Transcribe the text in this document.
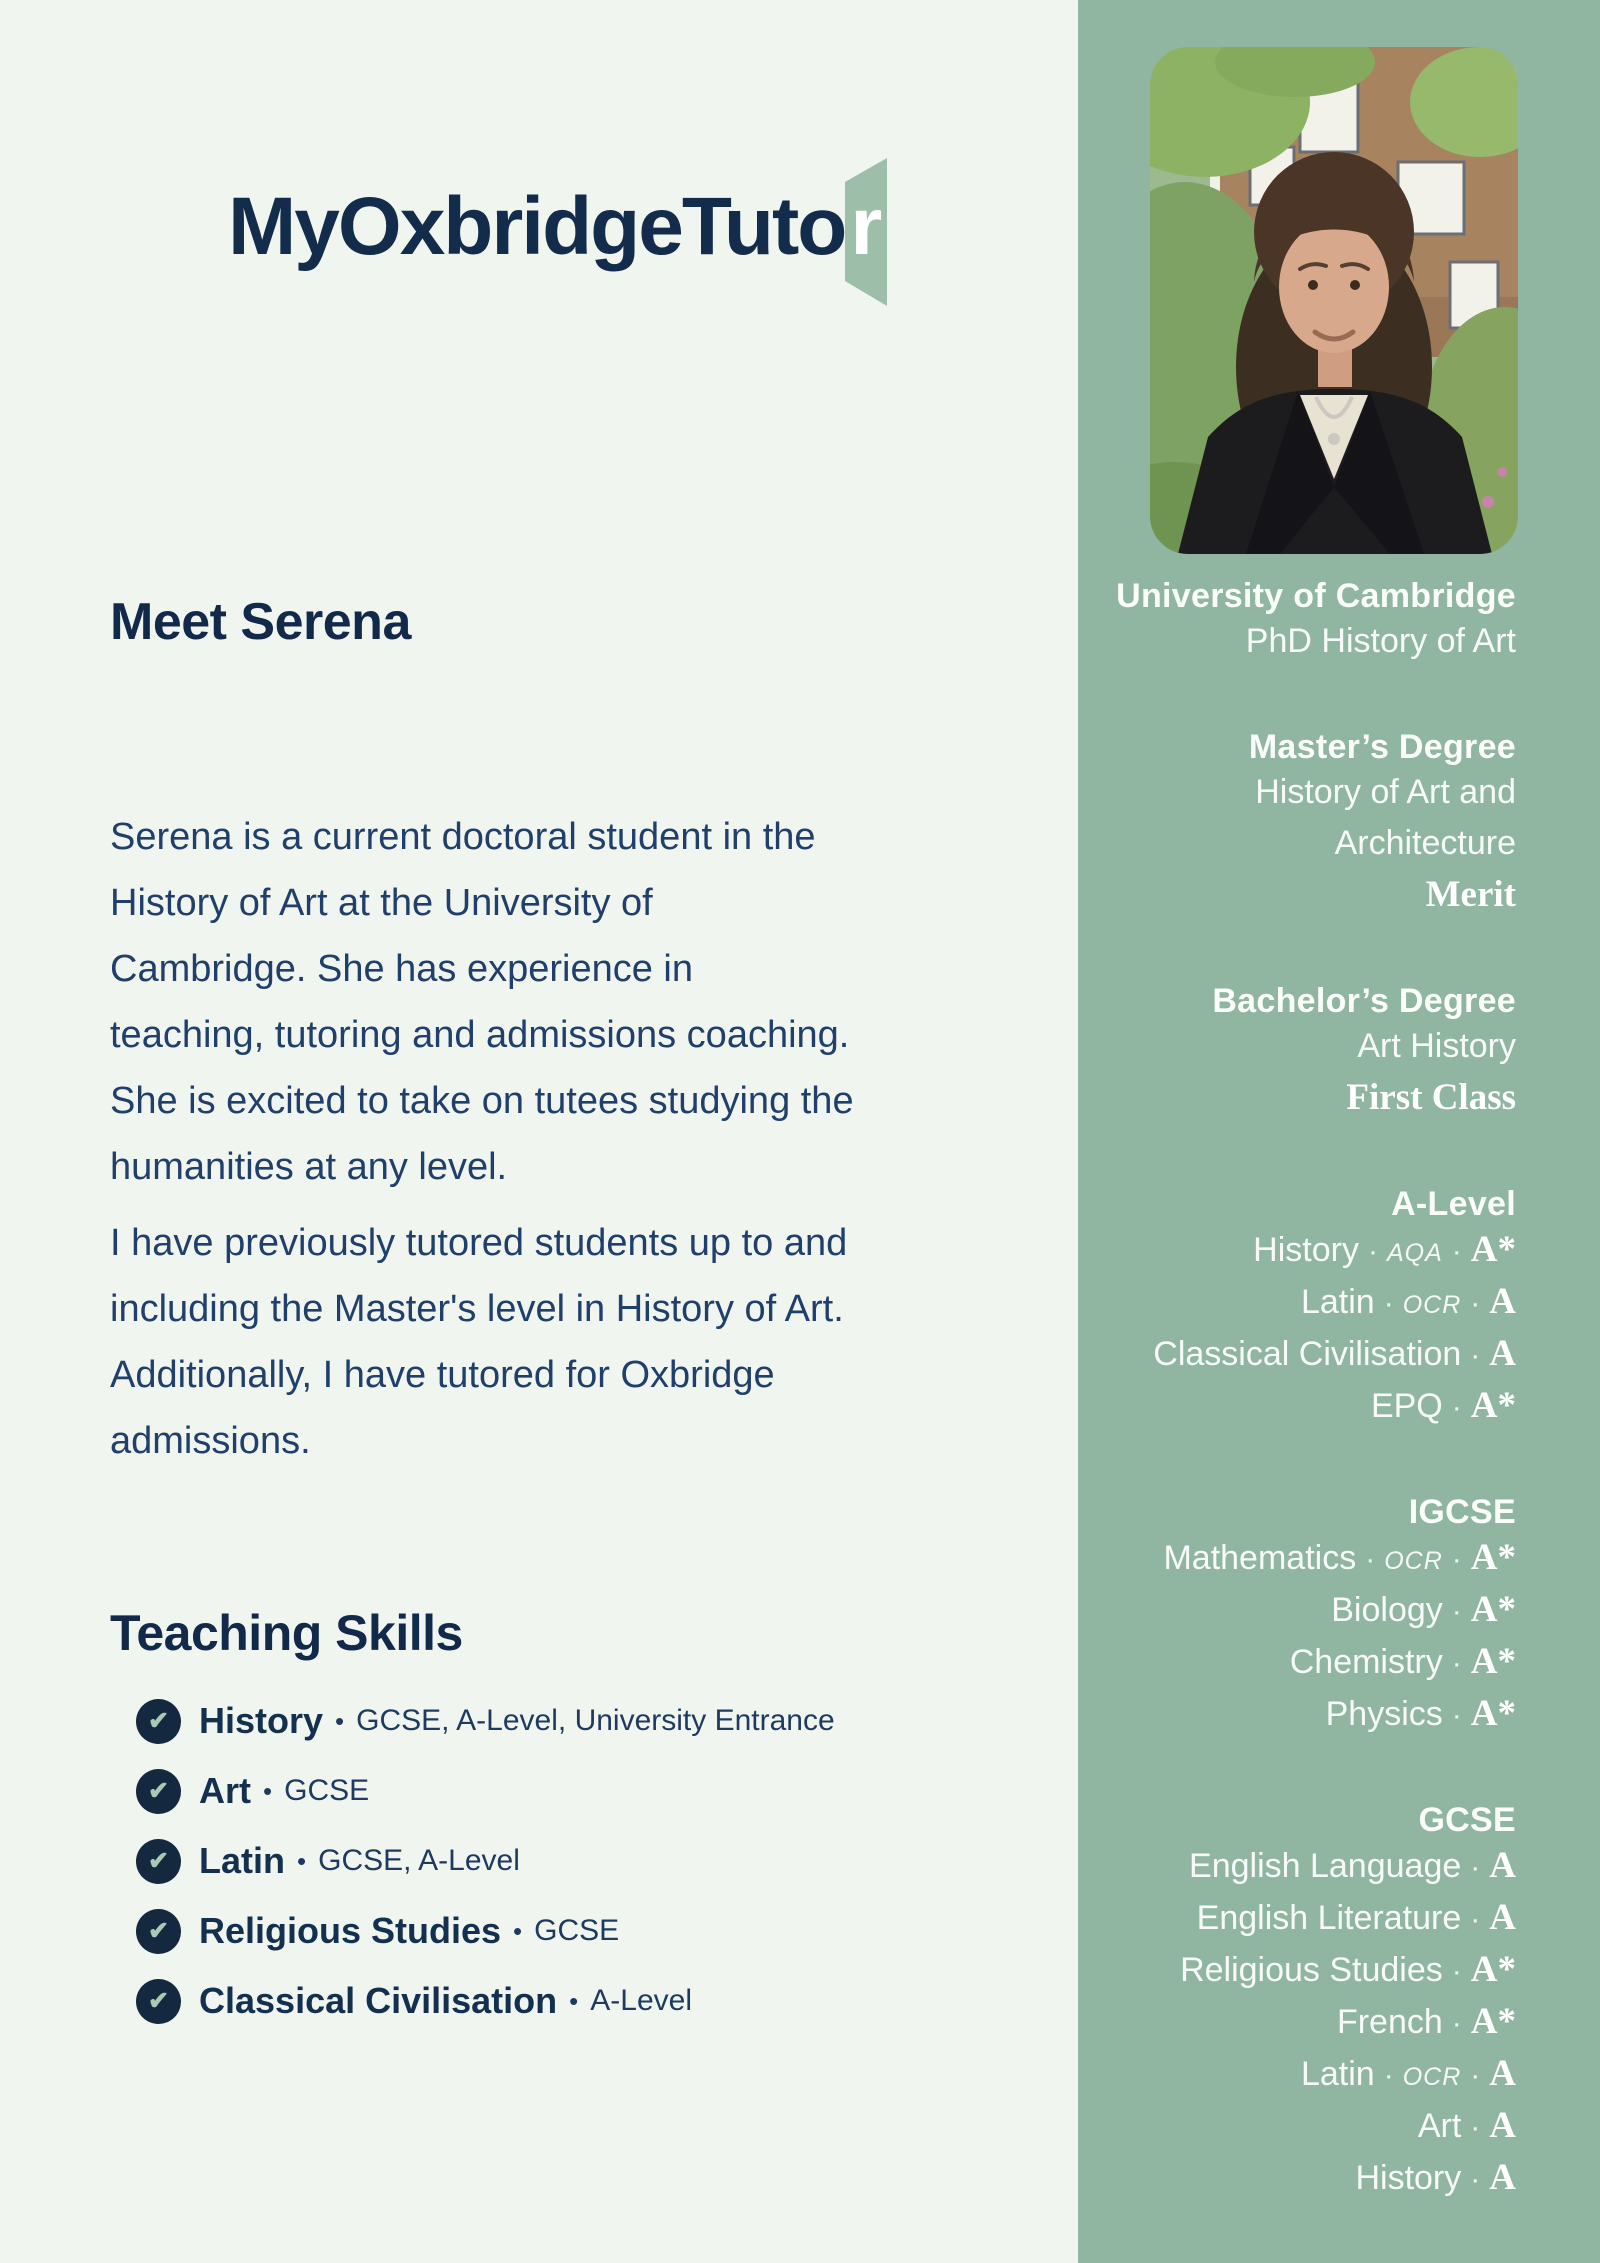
MyOxbridgeTuto r
Meet Serena

Serena is a current doctoral student in the History of Art at the University of Cambridge. She has experience in teaching, tutoring and admissions coaching. She is excited to take on tutees studying the humanities at any level.

I have previously tutored students up to and including the Master's level in History of Art. Additionally, I have tutored for Oxbridge admissions.

Teaching Skills
✔ History • GCSE, A-Level, University Entrance
✔ Art • GCSE
✔ Latin • GCSE, A-Level
✔ Religious Studies • GCSE
✔ Classical Civilisation • A-Level
University of Cambridge
PhD History of Art
Master’s Degree
History of Art and
Architecture
Merit
Bachelor’s Degree
Art History
First Class
A-Level
History · AQA · A*
Latin · OCR · A
Classical Civilisation · A
EPQ · A*
IGCSE
Mathematics · OCR · A*
Biology · A*
Chemistry · A*
Physics · A*
GCSE
English Language · A
English Literature · A
Religious Studies · A*
French · A*
Latin · OCR · A
Art · A
History · A
